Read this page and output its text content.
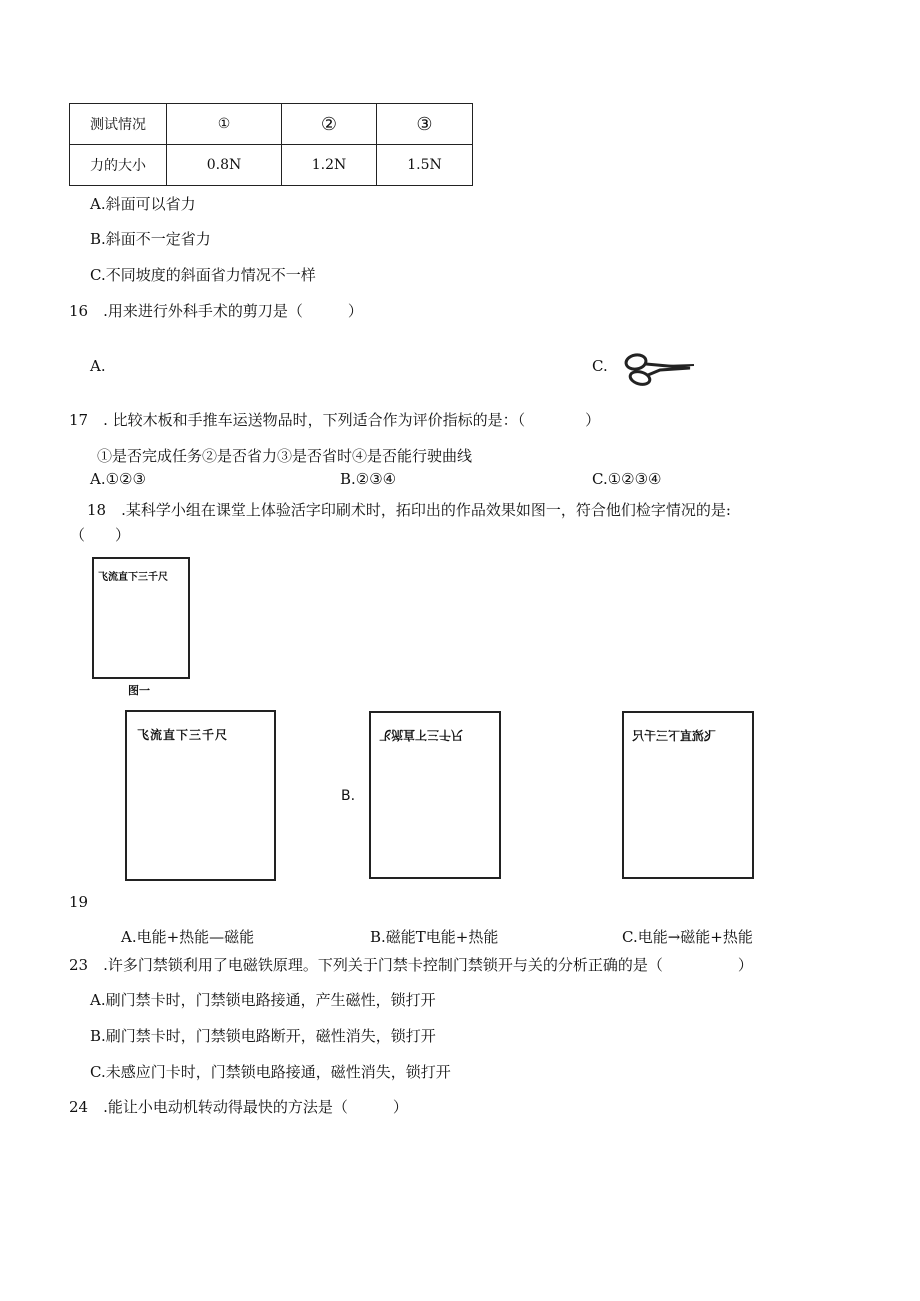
测试情况	①	②	③
力的大小	0.8N	1.2N	1.5N
A.斜面可以省力
B.斜面不一定省力
C.不同坡度的斜面省力情况不一样
16　.用来进行外科手术的剪刀是（　　　）
A.	C.
17　. 比较木板和手推车运送物品时，下列适合作为评价指标的是：（　　　　）
①是否完成任务②是否省力③是否省时④是否能行驶曲线
A.①②③	B.②③④	C.①②③④
18　.某科学小组在课堂上体验活字印刷术时，拓印出的作品效果如图一，符合他们检字情况的是:
（　　）
飞流直下三千尺
图一
飞流直下三千尺
B.
飞流直下三千尺	飞流直下三千尺
19
A.电能+热能—磁能	B.磁能T电能+热能	C.电能→磁能+热能
23　.许多门禁锁利用了电磁铁原理。下列关于门禁卡控制门禁锁开与关的分析正确的是（　　　　　）
A.刷门禁卡时，门禁锁电路接通，产生磁性，锁打开
B.刷门禁卡时，门禁锁电路断开，磁性消失，锁打开
C.未感应门卡时，门禁锁电路接通，磁性消失，锁打开
24　.能让小电动机转动得最快的方法是（　　　）
